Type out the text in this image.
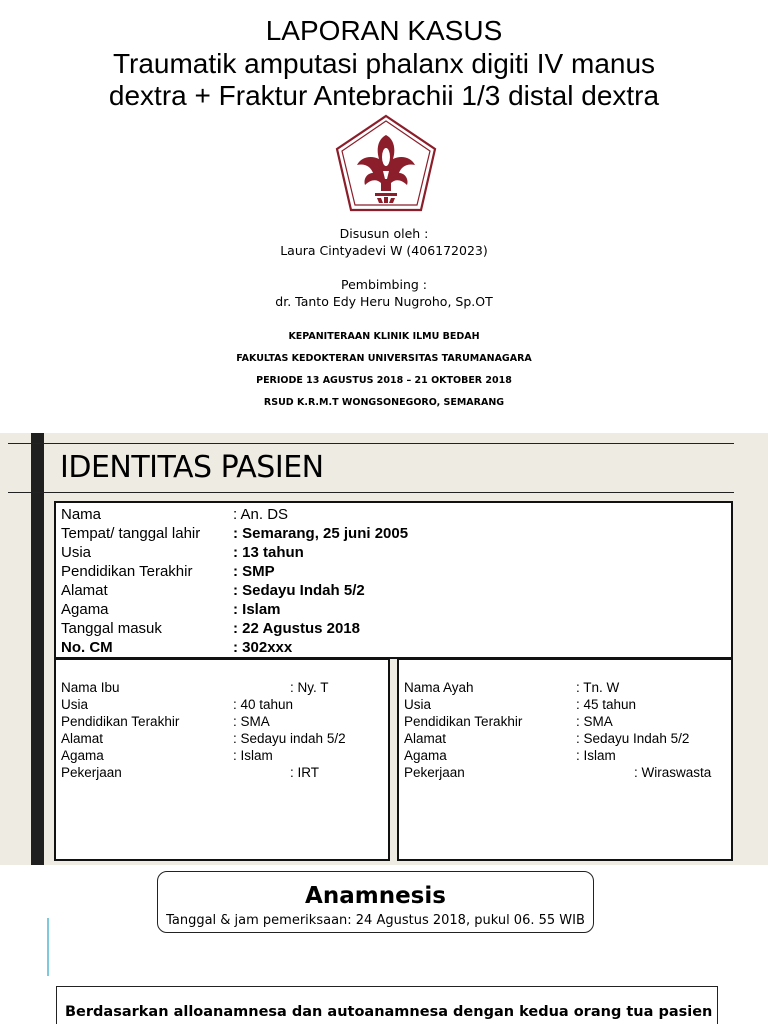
LAPORAN KASUS
Traumatik amputasi phalanx digiti IV manus
dextra + Fraktur Antebrachii 1/3 distal dextra
Disusun oleh :
Laura Cintyadevi W (406172023)
Pembimbing :
dr. Tanto Edy Heru Nugroho, Sp.OT
KEPANITERAAN KLINIK ILMU BEDAH
FAKULTAS KEDOKTERAN UNIVERSITAS TARUMANAGARA
PERIODE 13 AGUSTUS 2018 – 21 OKTOBER 2018
RSUD K.R.M.T WONGSONEGORO, SEMARANG
IDENTITAS PASIEN
Nama	: An. DS
Tempat/ tanggal lahir : Semarang, 25 juni 2005
Usia	: 13 tahun
Pendidikan Terakhir	: SMP
Alamat	: Sedayu Indah 5/2
Agama	: Islam
Tanggal masuk	: 22 Agustus 2018
No. CM	: 302xxx
Nama Ibu	: Ny. T
Usia	: 40 tahun
Pendidikan Terakhir	: SMA
Alamat	: Sedayu indah 5/2
Agama	: Islam
Pekerjaan	: IRT
Nama Ayah	: Tn. W
Usia	: 45 tahun
Pendidikan Terakhir	: SMA
Alamat	: Sedayu Indah 5/2
Agama	: Islam
Pekerjaan	: Wiraswasta
Anamnesis
Tanggal & jam pemeriksaan: 24 Agustus 2018, pukul 06. 55 WIB
Berdasarkan alloanamnesa dan autoanamnesa dengan kedua orang tua pasien
